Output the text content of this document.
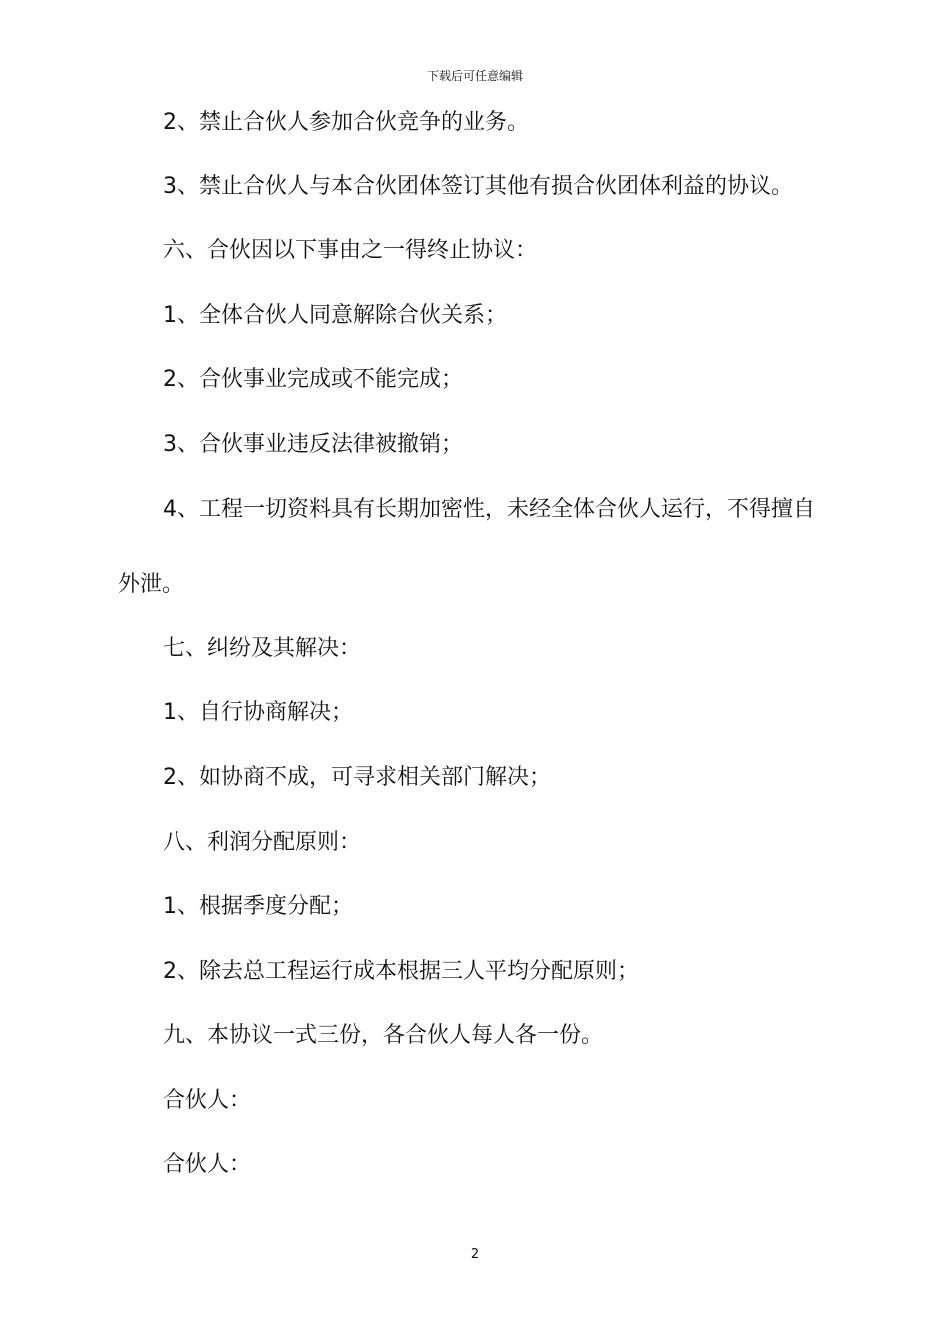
下载后可任意编辑
2、禁止合伙人参加合伙竞争的业务。
3、禁止合伙人与本合伙团体签订其他有损合伙团体利益的协议。
六、合伙因以下事由之一得终止协议：
1、全体合伙人同意解除合伙关系；
2、合伙事业完成或不能完成；
3、合伙事业违反法律被撤销；
4、工程一切资料具有长期加密性，未经全体合伙人运行，不得擅自
外泄。
七、纠纷及其解决：
1、自行协商解决；
2、如协商不成，可寻求相关部门解决；
八、利润分配原则：
1、根据季度分配；
2、除去总工程运行成本根据三人平均分配原则；
九、本协议一式三份，各合伙人每人各一份。
合伙人：
合伙人：
2
